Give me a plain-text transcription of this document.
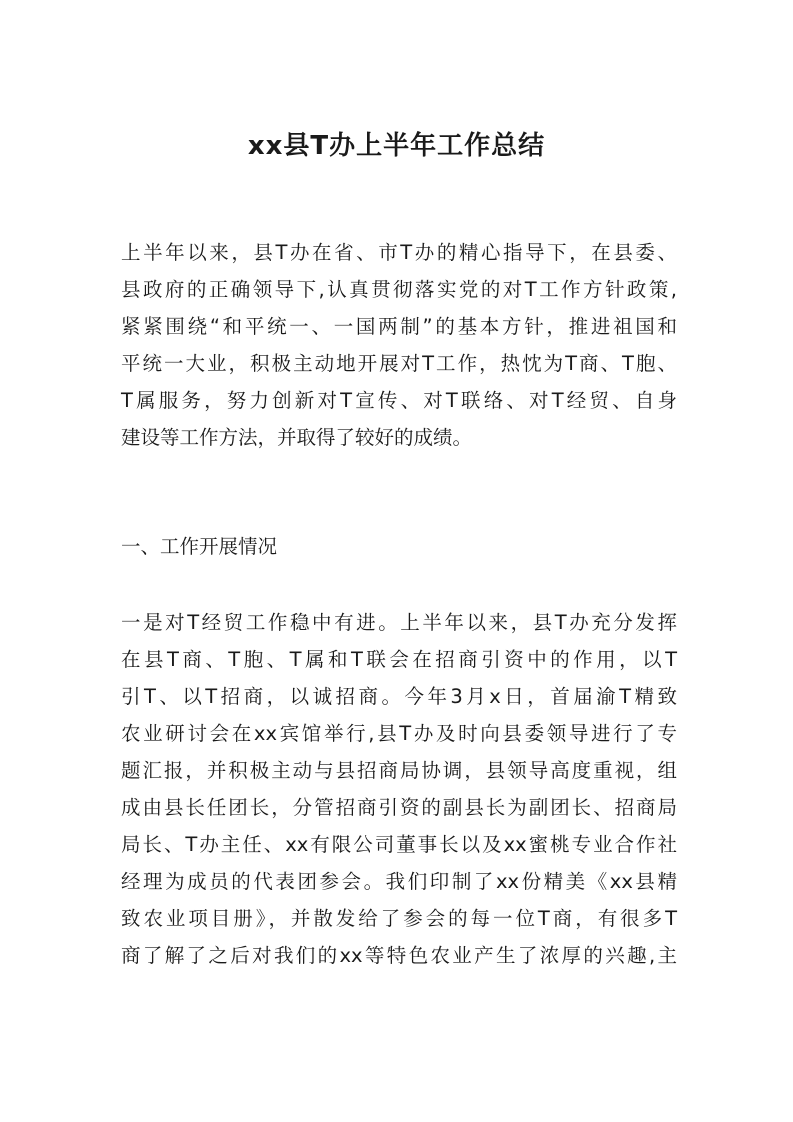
xx县T办上半年工作总结
上半年以来，县T办在省、市T办的精心指导下，在县委、
县政府的正确领导下,认真贯彻落实党的对T工作方针政策,
紧紧围绕“和平统一、一国两制”的基本方针，推进祖国和
平统一大业，积极主动地开展对T工作，热忱为T商、T胞、
T属服务，努力创新对T宣传、对T联络、对T经贸、自身
建设等工作方法，并取得了较好的成绩。
一、工作开展情况
一是对T经贸工作稳中有进。上半年以来，县T办充分发挥
在县T商、T胞、T属和T联会在招商引资中的作用，以T
引T、以T招商，以诚招商。今年3月x日，首届渝T精致
农业研讨会在xx宾馆举行,县T办及时向县委领导进行了专
题汇报，并积极主动与县招商局协调，县领导高度重视，组
成由县长任团长，分管招商引资的副县长为副团长、招商局
局长、T办主任、xx有限公司董事长以及xx蜜桃专业合作社
经理为成员的代表团参会。我们印制了xx份精美《xx县精
致农业项目册》，并散发给了参会的每一位T商，有很多T
商了解了之后对我们的xx等特色农业产生了浓厚的兴趣,主
